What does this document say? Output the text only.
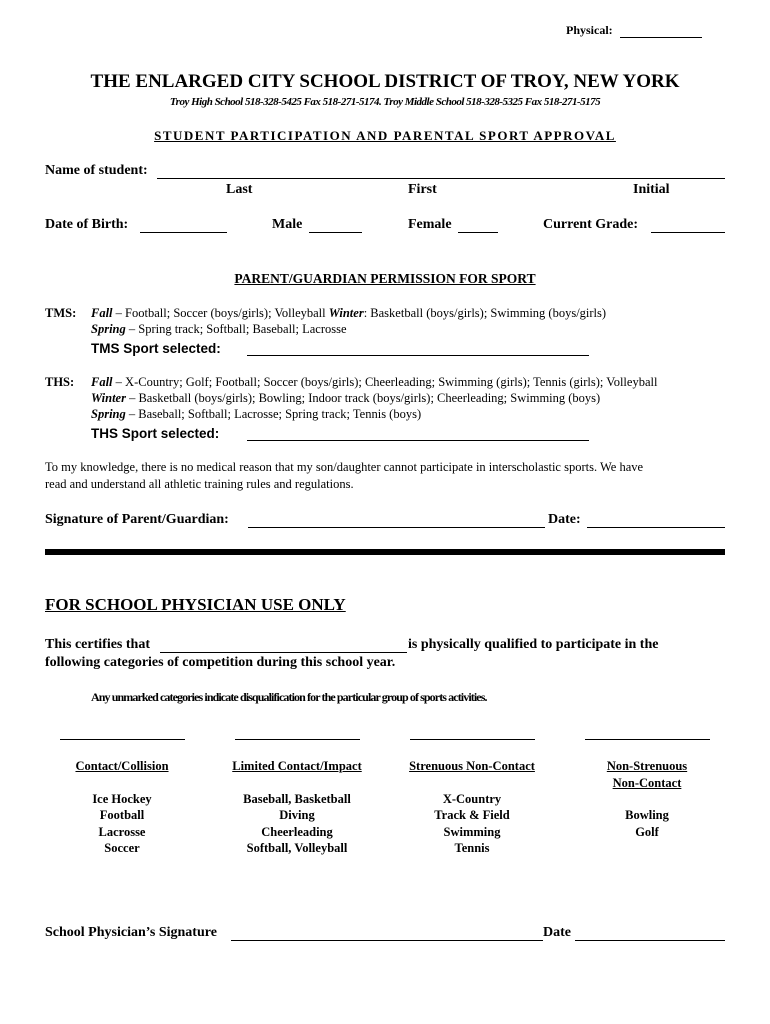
Physical:
THE ENLARGED CITY SCHOOL DISTRICT OF TROY, NEW YORK
Troy High School 518-328-5425 Fax 518-271-5174. Troy Middle School 518-328-5325 Fax 518-271-5175
STUDENT PARTICIPATION AND PARENTAL SPORT APPROVAL
Name of student:
Last	First	Initial
Date of Birth:	Male	Female	Current Grade:
PARENT/GUARDIAN PERMISSION FOR SPORT
TMS: Fall – Football; Soccer (boys/girls); Volleyball Winter: Basketball (boys/girls); Swimming (boys/girls)
Spring – Spring track; Softball; Baseball; Lacrosse
TMS Sport selected:
THS: Fall – X-Country; Golf; Football; Soccer (boys/girls); Cheerleading; Swimming (girls); Tennis (girls); Volleyball
Winter – Basketball (boys/girls); Bowling; Indoor track (boys/girls); Cheerleading; Swimming (boys)
Spring – Baseball; Softball; Lacrosse; Spring track; Tennis (boys)
THS Sport selected:
To my knowledge, there is no medical reason that my son/daughter cannot participate in interscholastic sports. We have
read and understand all athletic training rules and regulations.
Signature of Parent/Guardian:	Date:
FOR SCHOOL PHYSICIAN USE ONLY
This certifies that	is physically qualified to participate in the
following categories of competition during this school year.
Any unmarked categories indicate disqualification for the particular group of sports activities.
Contact/Collision
Ice Hockey
Football
Lacrosse
Soccer
Limited Contact/Impact
Baseball, Basketball
Diving
Cheerleading
Softball, Volleyball
Strenuous Non-Contact
X-Country
Track & Field
Swimming
Tennis
Non-Strenuous
Non-Contact
Bowling
Golf
School Physician’s Signature	Date
